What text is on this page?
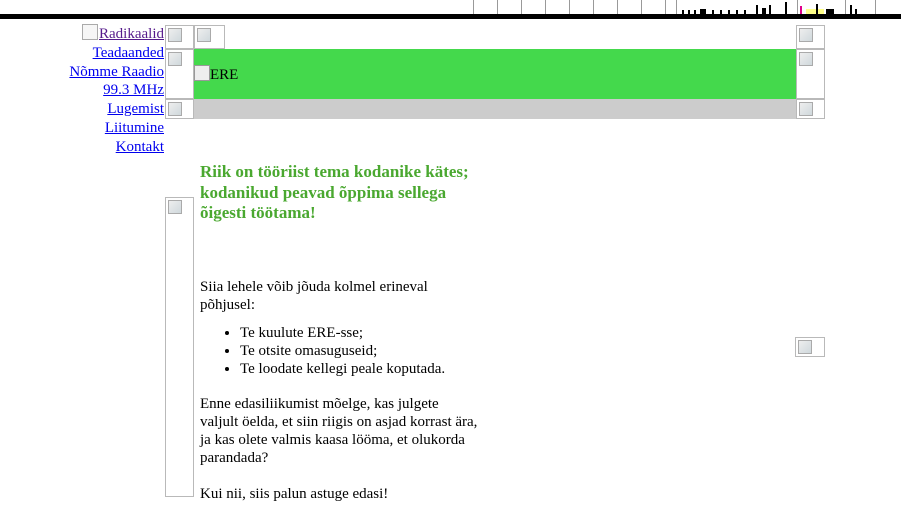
Radikaalid
Teadaanded
Nõmme Raadio 99.3 MHz
Lugemist
Liitumine
Kontakt
ERE
Riik on tööriist tema kodanike kätes; kodanikud peavad õppima sellega õigesti töötama!

Siia lehele võib jõuda kolmel erineval põhjusel:

• Te kuulute ERE-sse;
• Te otsite omasuguseid;
• Te loodate kellegi peale koputada.

Enne edasiliikumist mõelge, kas julgete valjult öelda, et siin riigis on asjad korrast ära, ja kas olete valmis kaasa lööma, et olukorda parandada?

Kui nii, siis palun astuge edasi!
